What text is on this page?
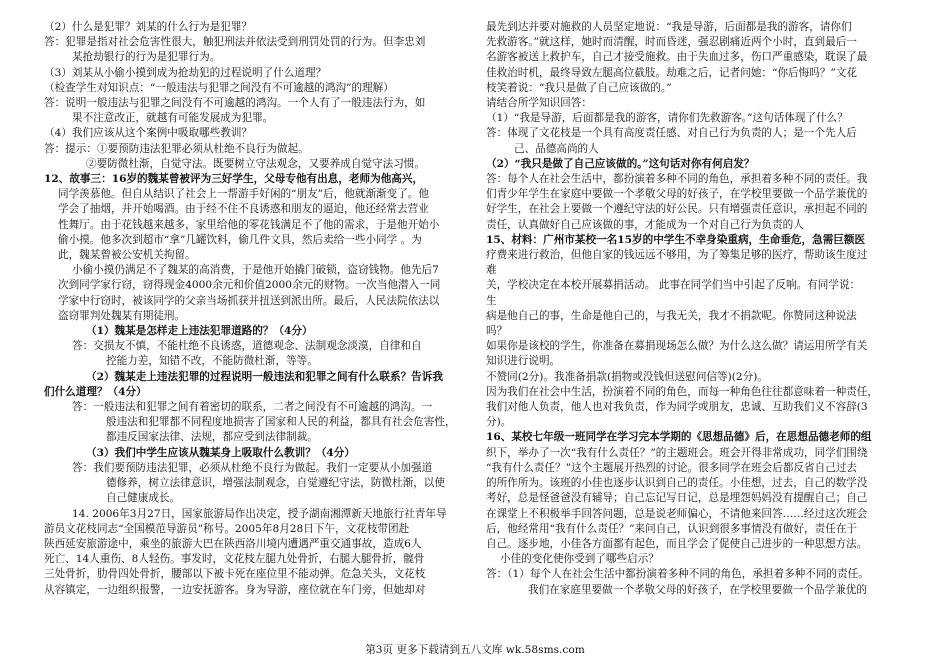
（2）什么是犯罪？刘某的什么行为是犯罪？

答：犯罪是指对社会危害性很大，触犯刑法并依法受到刑罚处罚的行为。但李忠刘

某抢劫银行的行为是犯罪行为。

（3）刘某从小偷小摸到成为抢劫犯的过程说明了什么道理？

（检查学生对知识点：“一般违法与犯罪之间没有不可逾越的鸿沟”的理解）

答：说明一般违法与犯罪之间没有不可逾越的鸿沟。一个人有了一般违法行为，如

果不注意改正，就越有可能发展成为犯罪。

（4）我们应该从这个案例中吸取哪些教训？

答：提示：①要预防违法犯罪必须从杜绝不良行为做起。

②要防微杜渐，自觉守法。既要树立守法观念，又要养成自觉守法习惯。

12、故事三：16岁的魏某曾被评为三好学生，父母专他有出息，老师为他高兴，

同学羡慕他。但自从结识了社会上一帮游手好闲的“朋友”后，他就渐渐变了。他

学会了抽烟，并开始喝酒。由于经不住不良诱惑和朋友的逼迫，他还经常去营业

性舞厅。由于花钱越来越多，家里给他的零花钱满足不了他的需求，于是他开始小

偷小摸。他多次到超市“拿”几罐饮料，偷几件文具，然后卖给一些小同学 。为

此，魏某曾被公安机关拘留。

小偷小摸仍满足不了魏某的高消费，于是他开始撬门破锁，盗窃钱物。他先后7

次到同学家行窃，窃得现金4000余元和价值2000余元的财物。一次当他潜入一同

学家中行窃时，被该同学的父亲当场抓获并扭送到派出所。最后，人民法院依法以

盗窃罪判处魏某有期徒刑。

（1）魏某是怎样走上违法犯罪道路的？（4分）

答：交损友不慎，不能杜绝不良诱惑，道德观念、法制观念淡漠，自律和自

控能力差，知错不改，不能防微杜渐，等等。

（2）魏某走上违法犯罪的过程说明一般违法和犯罪之间有什么联系？告诉我

们什么道理？（4分）

答：一般违法和犯罪之间有着密切的联系，二者之间没有不可逾越的鸿沟。一

般违法和犯罪都不同程度地损害了国家和人民的利益，都具有社会危害性，

都违反国家法律、法规，都应受到法律制裁。

（3）我们中学生应该从魏某身上吸取什么教训？（4分）

答：我们要预防违法犯罪，必须从杜绝不良行为做起。我们一定要从小加强道

德修养，树立法律意识，增强法制观念，自觉遵纪守法，防微杜渐，以使

自己健康成长。

14. 2006年3月27日，国家旅游局作出决定，授予湖南湘潭新天地旅行社青年导

游员文花枝同志“全国模范导游员”称号。2005年8月28日下午，文花枝带团赴

陕西延安旅游途中，乘坐的旅游大巴在陕西洛川境内遭遇严重交通事故，造成6人

死亡、14人重伤、8人轻伤。事发时，文花枝左腿九处骨折，右腿大腿骨折，髋骨

三处骨折，肋骨四处骨折，腰部以下被卡死在座位里不能动弹。危急关头，文花枝

从容镇定，一边组织报警，一边安抚游客。身为导游，座位就在车门旁，但她却对

最先到达并要对施救的人员坚定地说：“我是导游，后面都是我的游客，请你们

先救游客。”就这样，她时而清醒，时而昏迷，强忍剧痛近两个小时，直到最后一

名游客被送上救护车，自己才接受施救。由于失血过多，伤口严重感染，耽误了最

佳救治时机，最终导致左腿高位截肢。劫难之后，记者问她：“你后悔吗？”文花

枝笑着说：“我只是做了自己应该做的。”

请结合所学知识回答：

（1）“我是导游，后面都是我的游客，请你们先救游客。”这句话体现了什么？

答：体现了文花枝是一个具有高度责任感、对自己行为负责的人；是一个先人后

己、品德高尚的人

（2）“我只是做了自己应该做的。”这句话对你有何启发？

答：每个人在社会生活中，都扮演着多种不同的角色，承担着多种不同的责任。我

们青少年学生在家庭中要做一个孝敬父母的好孩子，在学校里要做一个品学兼优的

好学生，在社会上要做一个遵纪守法的好公民。只有增强责任意识，承担起不同的

责任，认真做好自己应该做的事，才能成为一个对自己行为负责的人

15、材料：广州市某校一名15岁的中学生不幸身染重病，生命垂危，急需巨额医

疗费来进行救治，但他自家的钱远远不够用，为了筹集足够的医疗，帮助该生度过

难

关，学校决定在本校开展募捐活动。 此事在同学们当中引起了反响。有同学说：

生

病是他自己的事，生命是他自己的，与我无关，我才不捐款呢。你赞同这种说法

吗？

如果你是该校的学生，你准备在募捐现场怎么做？为什么这么做？请运用所学有关

知识进行说明。

不赞同(2分)。我准备捐款(捐物或没钱但送慰问信等)(2分)。

因为我们在社会中生活，扮演着不同的角色，而每一种角色往往都意味着一种责任，

我们对他人负责，他人也对我负责，作为同学或朋友，忠诚、互助我们义不容辞(3

分)。

16、某校七年级一班同学在学习完本学期的《思想品德》后，在思想品德老师的组

织下，举办了一次“我有什么责任？”的主题班会。班会开得非常成功，同学们围绕

“我有什么责任？”这个主题展开热烈的讨论。很多同学在班会后都反省自己过去

的所作所为。该班的小佳也逐步认识到自己的责任。小佳想，过去，自己的数学没

考好，总是怪爸爸没有辅导；自己忘记写日记，总是埋怨妈妈没有提醒自己；自己

在课堂上不积极举手回答问题，总是说老师偏心，不请他来回答……经过这次班会

后，他经常用“我有什么责任？”来问自己，认识到很多事情没有做好，责任在于

自己。逐步地，小佳各方面都有起色，而且学会了促使自己进步的一种思想方法。

小佳的变化使你受到了哪些启示？

答：（1）每个人在社会生活中都扮演着多种不同的角色，承担着多种不同的责任。

我们在家庭里要做一个孝敬父母的好孩子，在学校里要做一个品学兼优的

第3页 更多下载请到五八文库 wk.58sms.com
